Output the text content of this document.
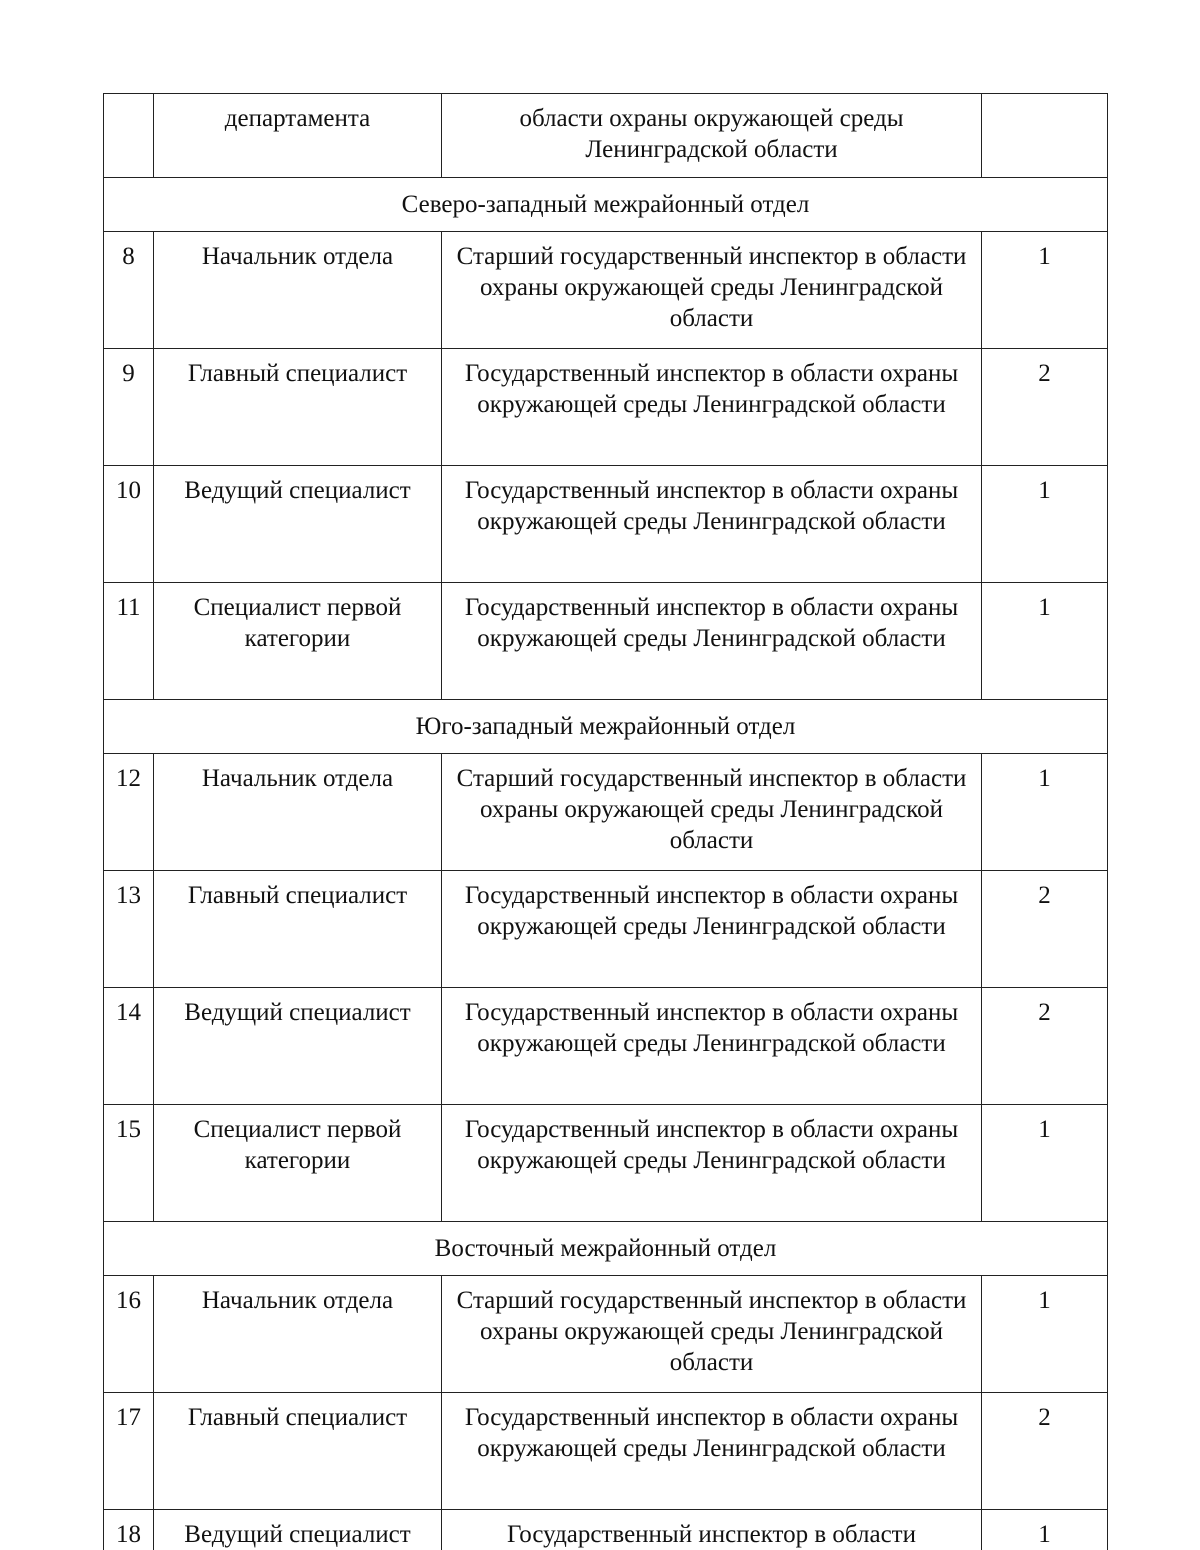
	департамента	области охраны окружающей среды Ленинградской области	
Северо-западный межрайонный отдел			
8	Начальник отдела	Старший государственный инспектор в области охраны окружающей среды Ленинградской области	1
9	Главный специалист	Государственный инспектор в области охраны окружающей среды Ленинградской области	2
10	Ведущий специалист	Государственный инспектор в области охраны окружающей среды Ленинградской области	1
11	Специалист первой категории	Государственный инспектор в области охраны окружающей среды Ленинградской области	1
Юго-западный межрайонный отдел			
12	Начальник отдела	Старший государственный инспектор в области охраны окружающей среды Ленинградской области	1
13	Главный специалист	Государственный инспектор в области охраны окружающей среды Ленинградской области	2
14	Ведущий специалист	Государственный инспектор в области охраны окружающей среды Ленинградской области	2
15	Специалист первой категории	Государственный инспектор в области охраны окружающей среды Ленинградской области	1
Восточный межрайонный отдел			
16	Начальник отдела	Старший государственный инспектор в области охраны окружающей среды Ленинградской области	1
17	Главный специалист	Государственный инспектор в области охраны окружающей среды Ленинградской области	2
18	Ведущий специалист	Государственный инспектор в области	1
